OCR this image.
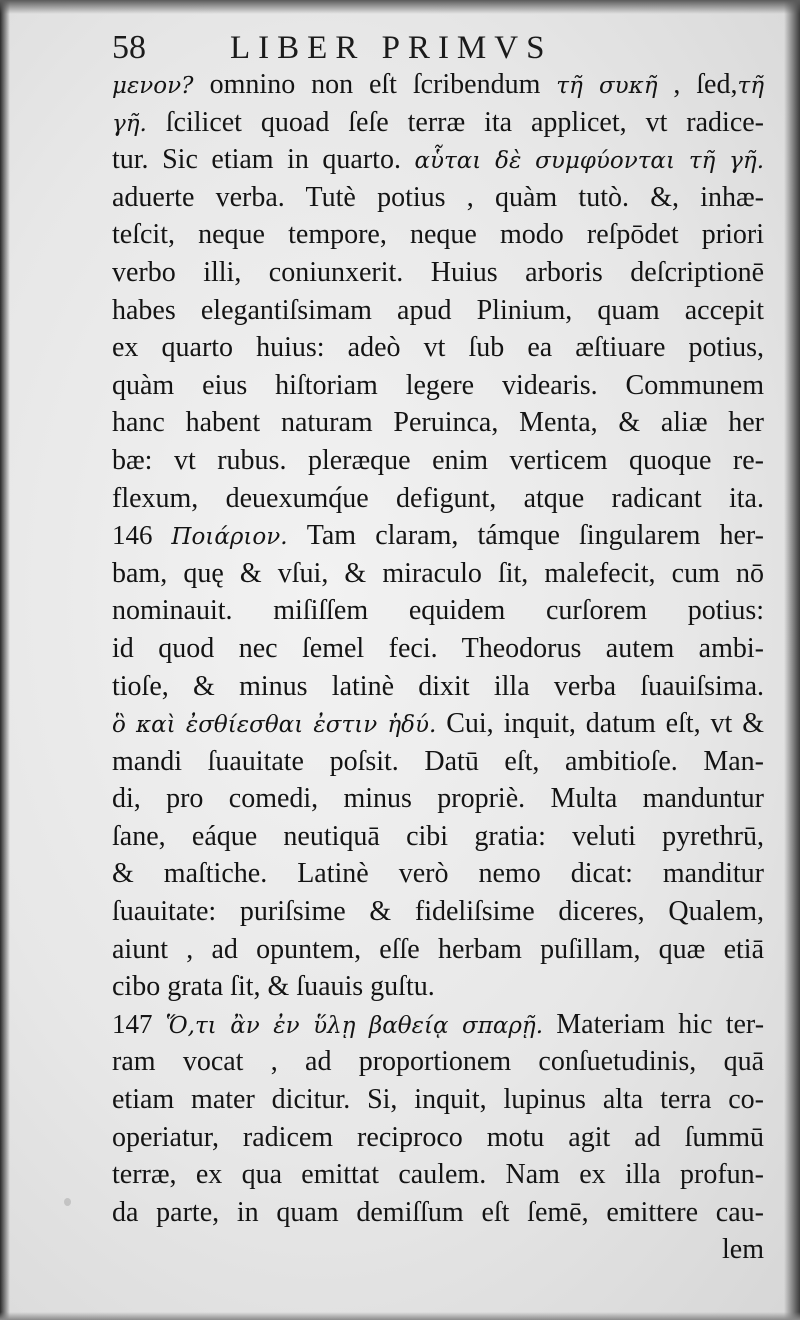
58	LIBER PRIMVS
μενον? omnino non eſt ſcribendum τῆ συκῆ , ſed,τῆ
γῆ. ſcilicet quoad ſeſe terræ ita applicet, vt radice-
tur. Sic etiam in quarto. αὗται δὲ συμφύονται τῆ γῆ.
aduerte verba. Tutè potius , quàm tutò. &, inhæ-
teſcit, neque tempore, neque modo reſpōdet priori
verbo illi, coniunxerit. Huius arboris deſcriptionē
habes elegantiſsimam apud Plinium, quam accepit
ex quarto huius: adeò vt ſub ea æſtiuare potius,
quàm eius hiſtoriam legere videaris. Communem
hanc habent naturam Peruinca, Menta, & aliæ her
bæ: vt rubus. pleræque enim verticem quoque re-
flexum, deuexumq́ue defigunt, atque radicant ita.
146 Ποιάριον. Tam claram, támque ſingularem her-
bam, quę & vſui, & miraculo ſit, malefecit, cum nō
nominauit. miſiſſem equidem curſorem potius:
id quod nec ſemel feci. Theodorus autem ambi-
tioſe, & minus latinè dixit illa verba ſuauiſsima.
ὃ καὶ ἐσθίεσθαι ἐστιν ἡδύ. Cui, inquit, datum eſt, vt &
mandi ſuauitate poſsit. Datū eſt, ambitioſe. Man-
di, pro comedi, minus propriè. Multa manduntur
ſane, eáque neutiquā cibi gratia: veluti pyrethrū,
& maſtiche. Latinè verò nemo dicat: manditur
ſuauitate: puriſsime & fideliſsime diceres, Qualem,
aiunt , ad opuntem, eſſe herbam puſillam, quæ etiā
cibo grata ſit, & ſuauis guſtu.
147 Ὅ,τι ἂν ἐν ὕλῃ βαθείᾳ σπαρῇ. Materiam hic ter-
ram vocat , ad proportionem conſuetudinis, quā
etiam mater dicitur. Si, inquit, lupinus alta terra co-
operiatur, radicem reciproco motu agit ad ſummū
terræ, ex qua emittat caulem. Nam ex illa profun-
da parte, in quam demiſſum eſt ſemē, emittere cau-
lem
